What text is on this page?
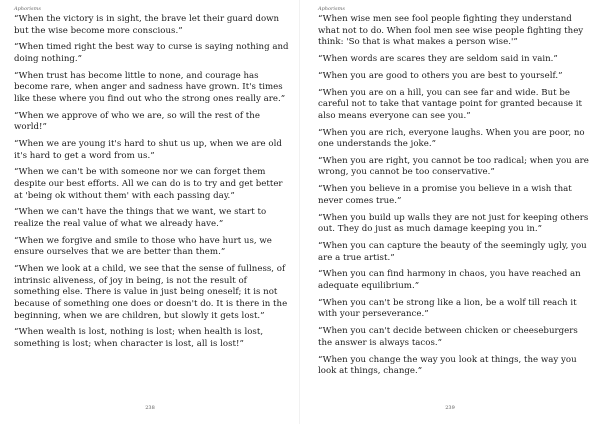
Aphorisms
“When the victory is in sight, the brave let their guard down but the wise become more conscious.”
“When timed right the best way to curse is saying nothing and doing nothing.”
“When trust has become little to none, and courage has become rare, when anger and sadness have grown. It's times like these where you find out who the strong ones really are.”
“When we approve of who we are, so will the rest of the world!”
“When we are young it's hard to shut us up, when we are old it's hard to get a word from us.”
“When we can't be with someone nor we can forget them despite our best efforts. All we can do is to try and get better at 'being ok without them' with each passing day.”
“When we can't have the things that we want, we start to realize the real value of what we already have.”
“When we forgive and smile to those who have hurt us, we ensure ourselves that we are better than them.”
“When we look at a child, we see that the sense of fullness, of intrinsic aliveness, of joy in being, is not the result of something else. There is value in just being oneself; it is not because of something one does or doesn't do. It is there in the beginning, when we are children, but slowly it gets lost.”
“When wealth is lost, nothing is lost; when health is lost, something is lost; when character is lost, all is lost!”
238
Aphorisms
“When wise men see fool people fighting they understand what not to do. When fool men see wise people fighting they think: 'So that is what makes a person wise.'”
“When words are scares they are seldom said in vain.”
“When you are good to others you are best to yourself.”
“When you are on a hill, you can see far and wide. But be careful not to take that vantage point for granted because it also means everyone can see you.”
“When you are rich, everyone laughs. When you are poor, no one understands the joke.”
“When you are right, you cannot be too radical; when you are wrong, you cannot be too conservative.”
“When you believe in a promise you believe in a wish that never comes true.”
“When you build up walls they are not just for keeping others out. They do just as much damage keeping you in.”
“When you can capture the beauty of the seemingly ugly, you are a true artist.”
“When you can find harmony in chaos, you have reached an adequate equilibrium.”
“When you can't be strong like a lion, be a wolf till reach it with your perseverance.”
“When you can't decide between chicken or cheeseburgers the answer is always tacos.”
“When you change the way you look at things, the way you look at things, change.”
239
